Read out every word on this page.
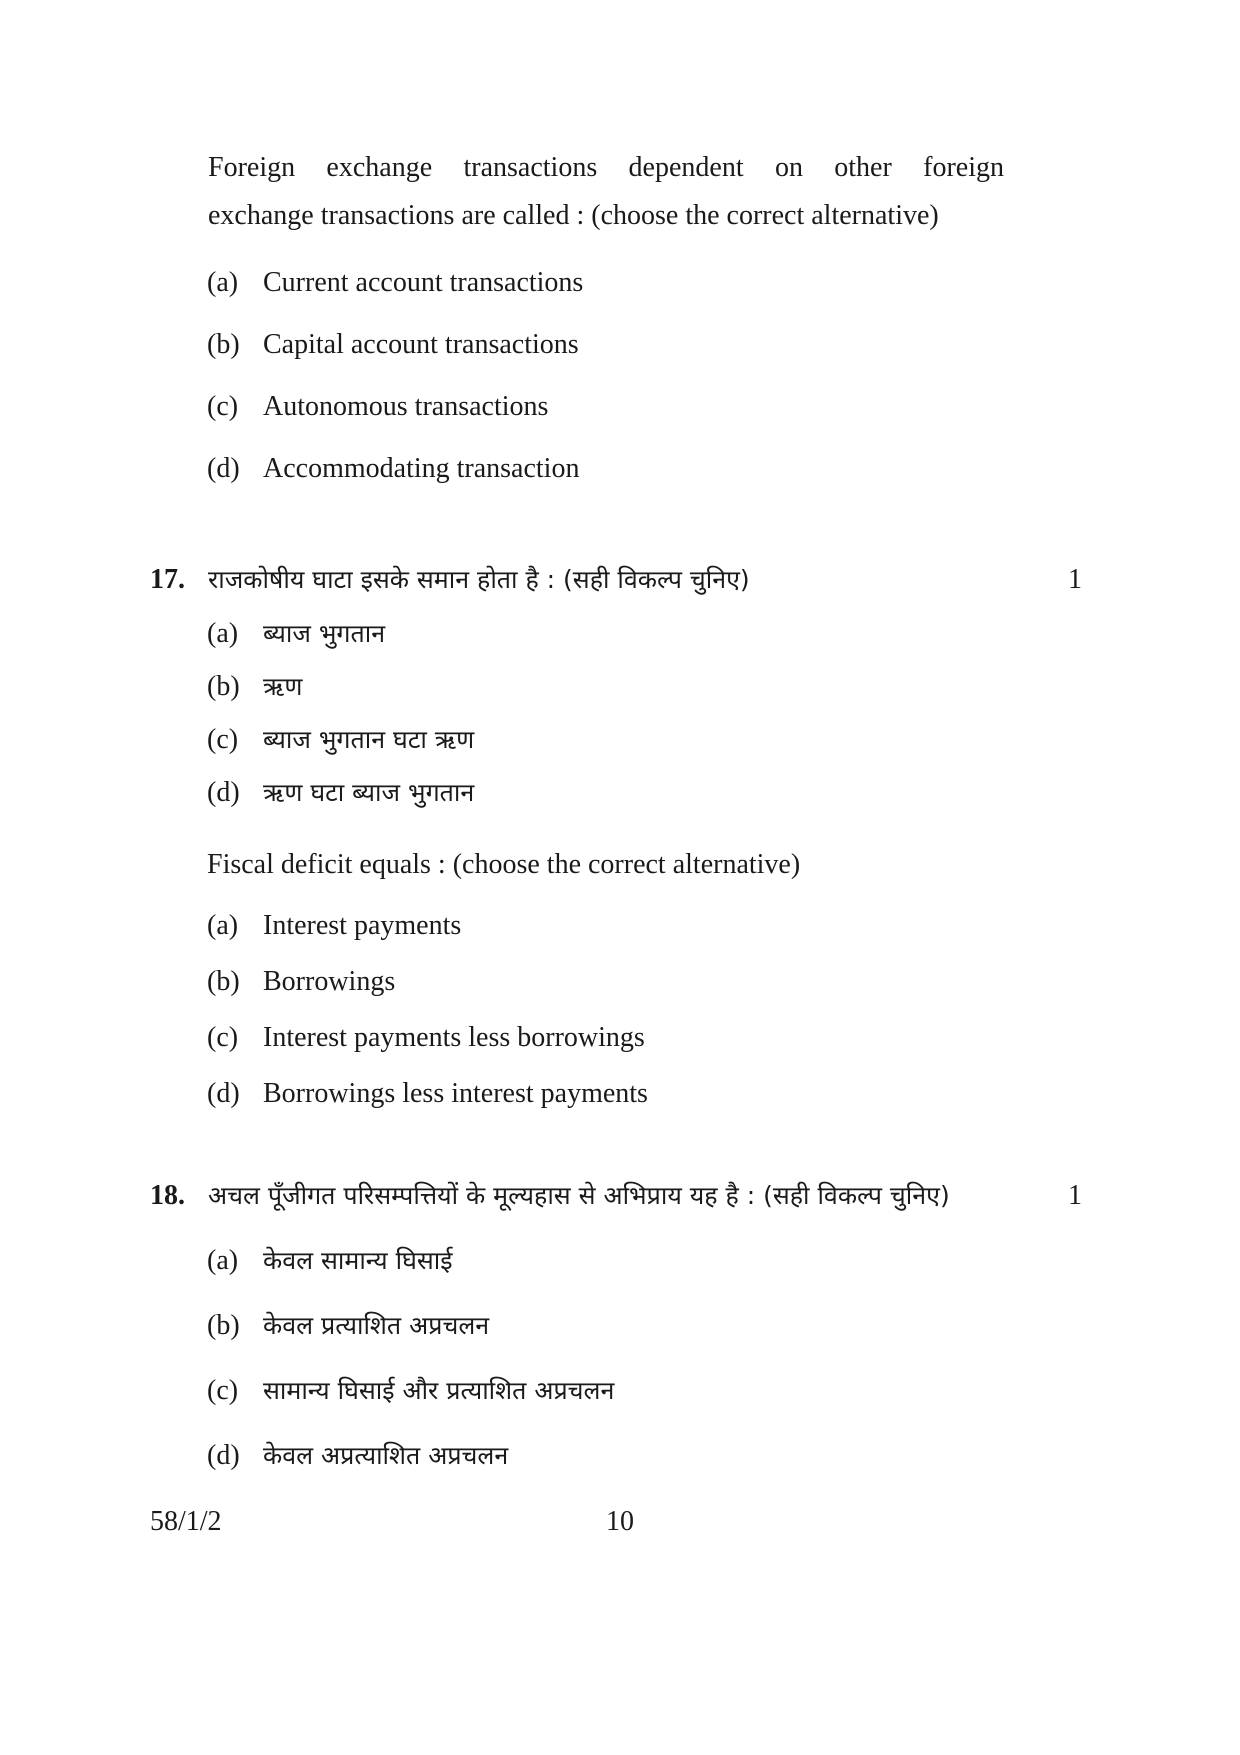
Foreign exchange transactions dependent on other foreign
exchange transactions are called : (choose the correct alternative)
(a) Current account transactions
(b) Capital account transactions
(c) Autonomous transactions
(d) Accommodating transaction
17. राजकोषीय घाटा इसके समान होता है : (सही विकल्प चुनिए)	1
(a) ब्याज भुगतान
(b) ऋण
(c) ब्याज भुगतान घटा ऋण
(d) ऋण घटा ब्याज भुगतान
Fiscal deficit equals : (choose the correct alternative)
(a) Interest payments
(b) Borrowings
(c) Interest payments less borrowings
(d) Borrowings less interest payments
18. अचल पूँजीगत परिसम्पत्तियों के मूल्यहास से अभिप्राय यह है : (सही विकल्प चुनिए)	1
(a) केवल सामान्य घिसाई
(b) केवल प्रत्याशित अप्रचलन
(c) सामान्य घिसाई और प्रत्याशित अप्रचलन
(d) केवल अप्रत्याशित अप्रचलन
58/1/2	10
